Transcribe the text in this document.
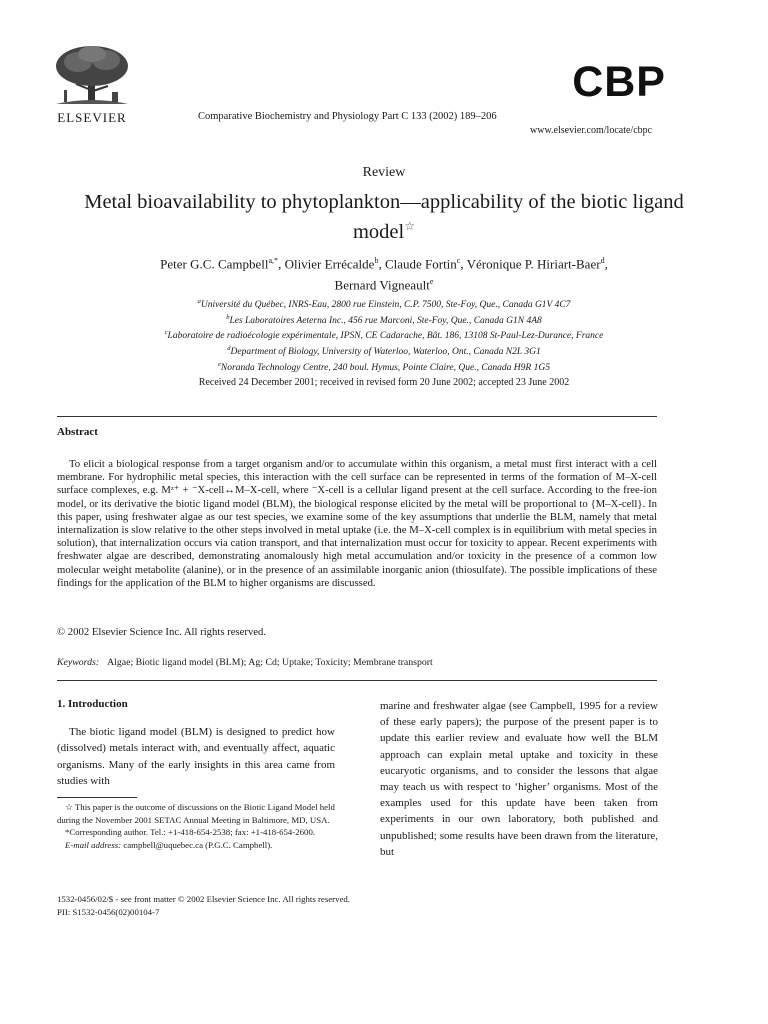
ELSEVIER	Comparative Biochemistry and Physiology Part C 133 (2002) 189–206
CBP
www.elsevier.com/locate/cbpc
Review
Metal bioavailability to phytoplankton—applicability of the biotic ligand model☆
Peter G.C. Campbell$^{a,*}$, Olivier Errécalde$^b$, Claude Fortin$^c$, Véronique P. Hiriart-Baer$^d$,
Bernard Vigneault$^e$
$^a$Université du Québec, INRS-Eau, 2800 rue Einstein, C.P. 7500, Ste-Foy, Que., Canada G1V 4C7
$^b$Les Laboratoires Aeterna Inc., 456 rue Marconi, Ste-Foy, Que., Canada G1N 4A8
$^c$Laboratoire de radioécologie expérimentale, IPSN, CE Cadarache, Bât. 186, 13108 St-Paul-Lez-Durance, France
$^d$Department of Biology, University of Waterloo, Waterloo, Ont., Canada N2L 3G1
$^e$Noranda Technology Centre, 240 boul. Hymus, Pointe Claire, Que., Canada H9R 1G5
Received 24 December 2001; received in revised form 20 June 2002; accepted 23 June 2002
Abstract
To elicit a biological response from a target organism and/or to accumulate within this organism, a metal must first interact with a cell membrane. For hydrophilic metal species, this interaction with the cell surface can be represented in terms of the formation of M–X-cell surface complexes, e.g. Mᶻ⁺ + ⁻X-cell↔M–X-cell, where ⁻X-cell is a cellular ligand present at the cell surface. According to the free-ion model, or its derivative the biotic ligand model (BLM), the biological response elicited by the metal will be proportional to {M–X-cell}. In this paper, using freshwater algae as our test species, we examine some of the key assumptions that underlie the BLM, namely that metal internalization is slow relative to the other steps involved in metal uptake (i.e. the M–X-cell complex is in equilibrium with metal species in solution), that internalization occurs via cation transport, and that internalization must occur for toxicity to appear. Recent experiments with freshwater algae are described, demonstrating anomalously high metal accumulation and/or toxicity in the presence of a common low molecular weight metabolite (alanine), or in the presence of an assimilable inorganic anion (thiosulfate). The possible implications of these findings for the application of the BLM to higher organisms are discussed.
© 2002 Elsevier Science Inc. All rights reserved.
Keywords: Algae; Biotic ligand model (BLM); Ag; Cd; Uptake; Toxicity; Membrane transport
1. Introduction

The biotic ligand model (BLM) is designed to predict how (dissolved) metals interact with, and eventually affect, aquatic organisms. Many of the early insights in this area came from studies with

marine and freshwater algae (see Campbell, 1995 for a review of these early papers); the purpose of the present paper is to update this earlier review and evaluate how well the BLM approach can explain metal uptake and toxicity in these eucaryotic organisms, and to consider the lessons that algae may teach us with respect to ‘higher’ organisms. Most of the examples used for this update have been taken from experiments in our own laboratory, both published and unpublished; some results have been drawn from the literature, but

☆ This paper is the outcome of discussions on the Biotic Ligand Model held during the November 2001 SETAC Annual Meeting in Baltimore, MD, USA.

*Corresponding author. Tel.: +1-418-654-2538; fax: +1-418-654-2600.

E-mail address: campbell@uquebec.ca (P.G.C. Campbell).

1532-0456/02/$ - see front matter © 2002 Elsevier Science Inc. All rights reserved.
PII: S1532-0456(02)00104-7
